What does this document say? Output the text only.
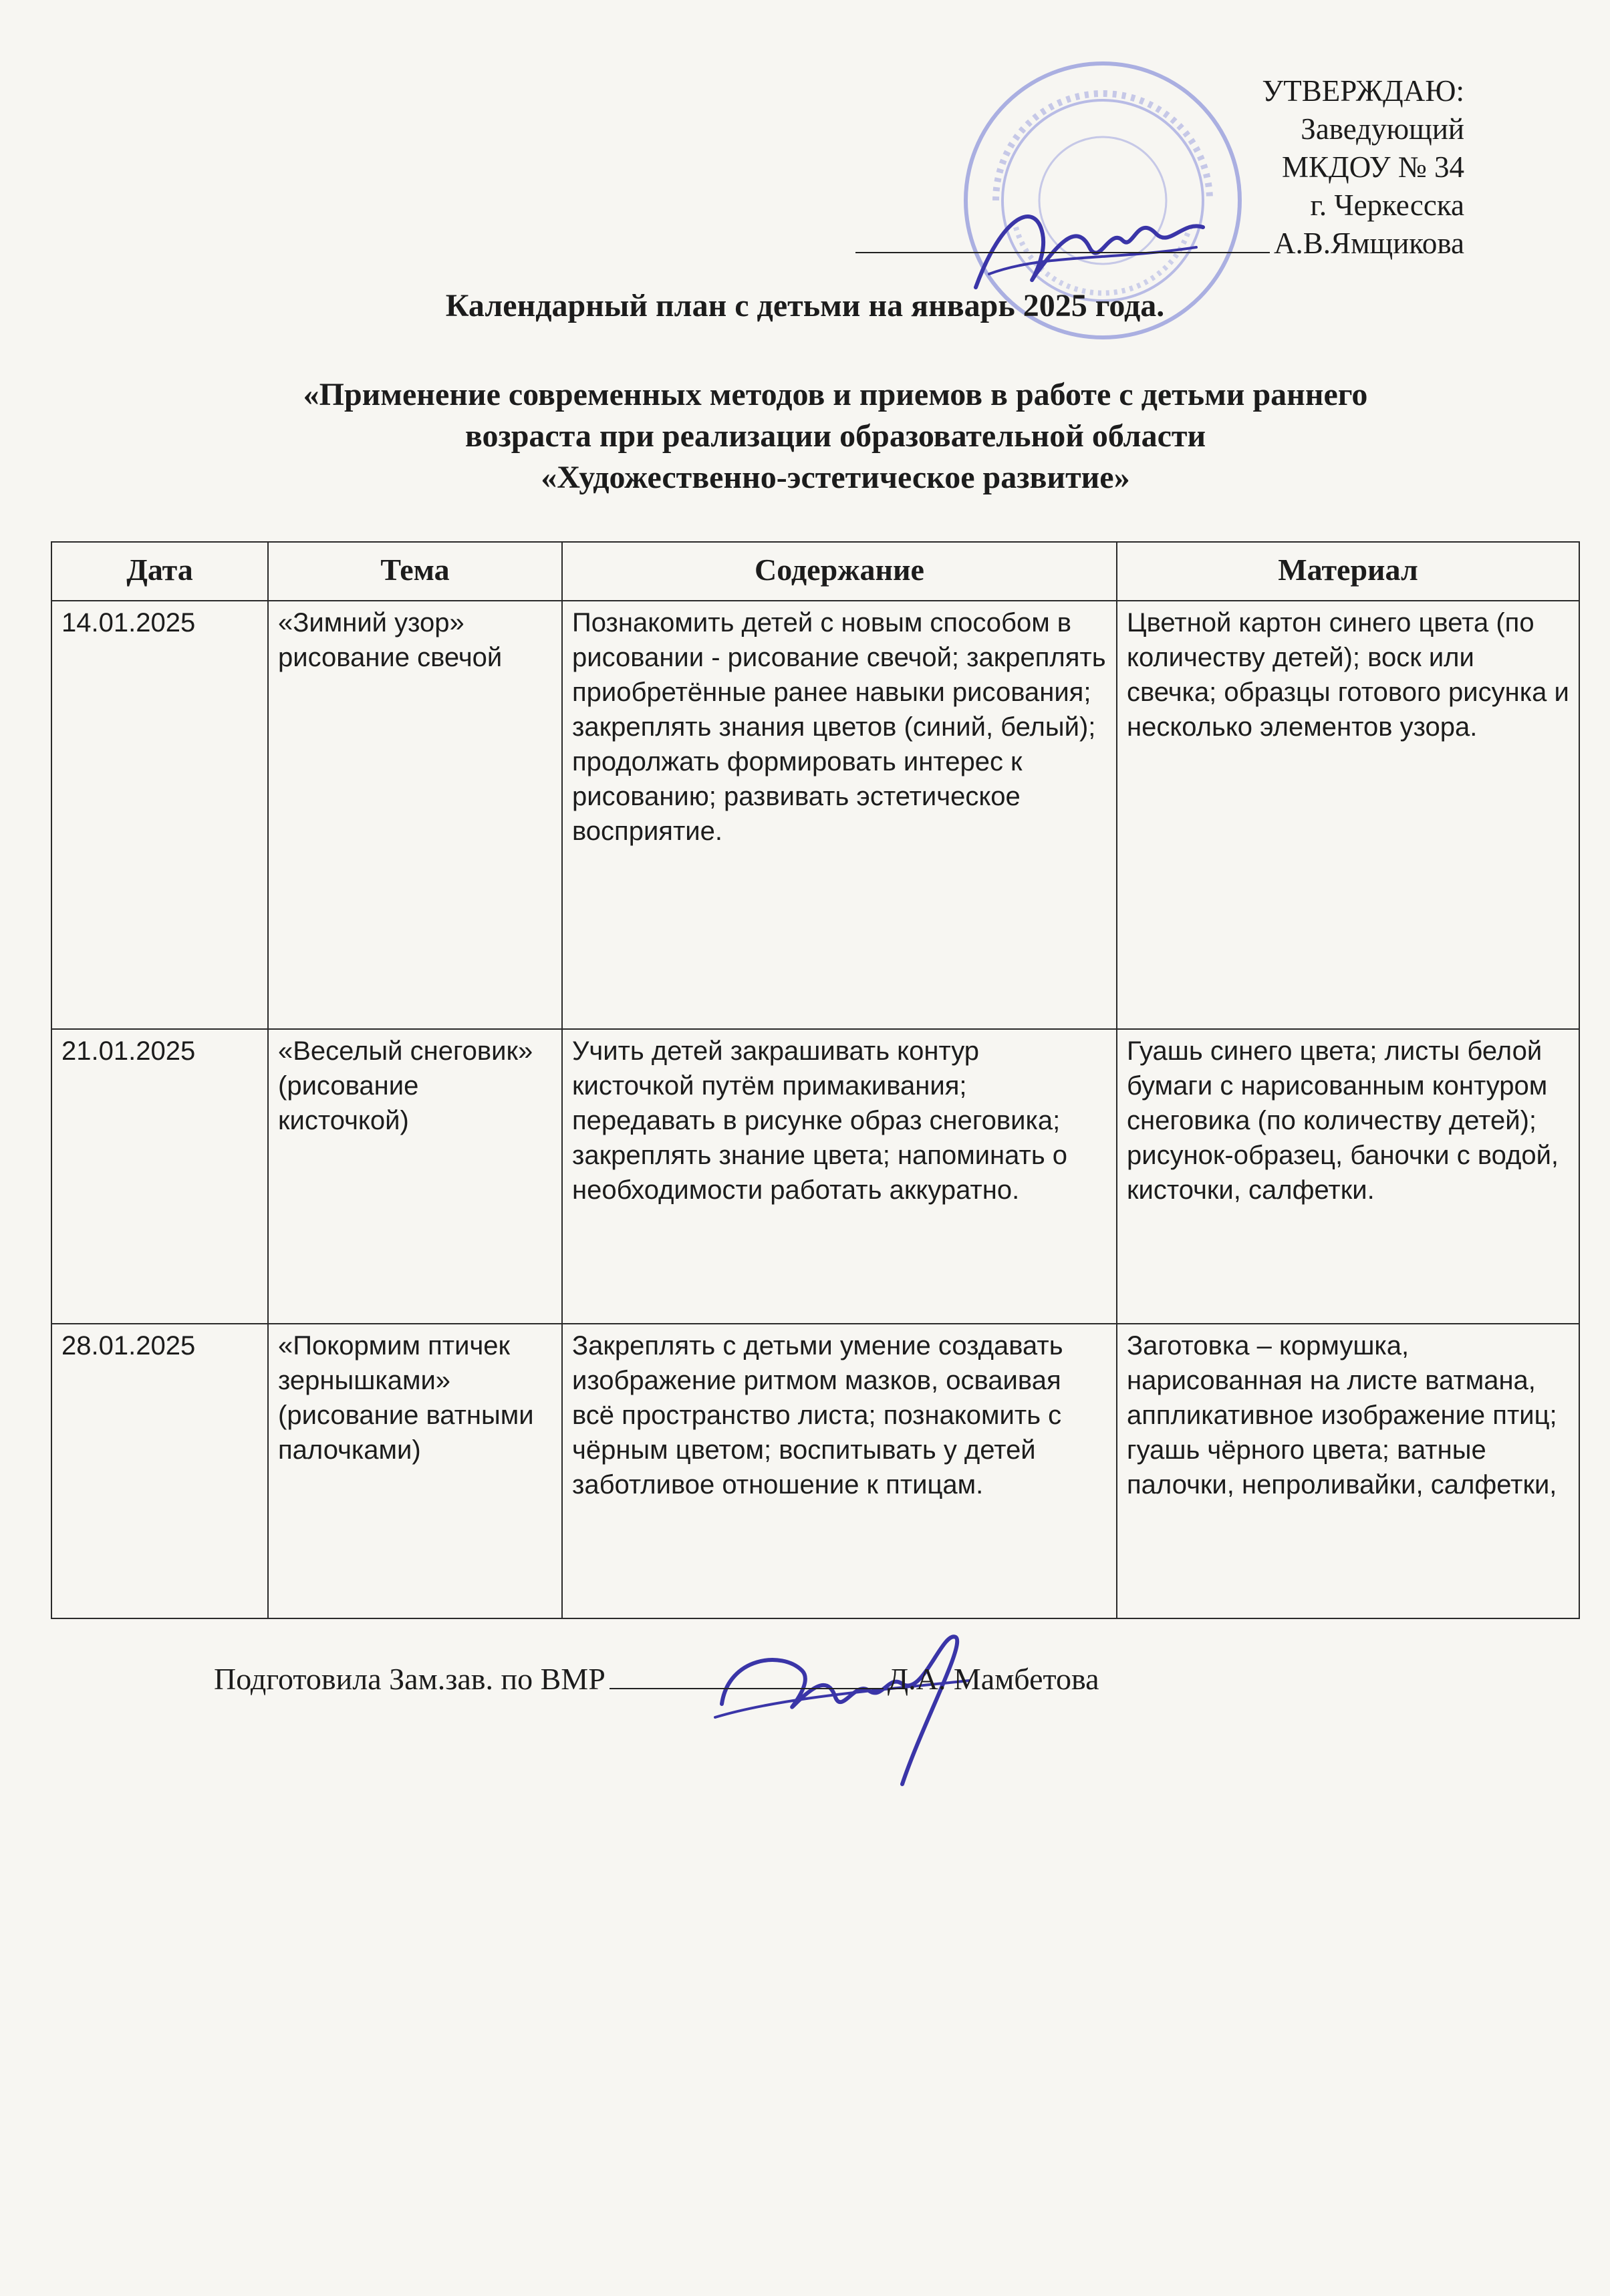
УТВЕРЖДАЮ:
Заведующий
МКДОУ № 34
г. Черкесска
А.В.Ямщикова
Календарный план с детьми на январь 2025 года.
«Применение современных методов и приемов в работе с детьми раннего
возраста при реализации образовательной области
«Художественно-эстетическое развитие»
Дата	Тема	Содержание	Материал
14.01.2025	«Зимний узор» рисование свечой	Познакомить детей с новым способом в рисовании - рисование свечой; закреплять приобретённые ранее навыки рисования; закреплять знания цветов (синий, белый); продолжать формировать интерес к рисованию; развивать эстетическое восприятие.	Цветной картон синего цвета (по количеству детей); воск или свечка; образцы готового рисунка и несколько элементов узора.
21.01.2025	«Веселый снеговик» (рисование кисточкой)	Учить детей закрашивать контур кисточкой путём примакивания; передавать в рисунке образ снеговика; закреплять знание цвета; напоминать о необходимости работать аккуратно.	Гуашь синего цвета; листы белой бумаги с нарисованным контуром снеговика (по количеству детей); рисунок-образец, баночки с водой, кисточки, салфетки.
28.01.2025	«Покормим птичек зернышками» (рисование ватными палочками)	Закреплять с детьми умение создавать изображение ритмом мазков, осваивая всё пространство листа; познакомить с чёрным цветом; воспитывать у детей заботливое отношение к птицам.	Заготовка – кормушка, нарисованная на листе ватмана, аппликативное изображение птиц; гуашь чёрного цвета; ватные палочки, непроливайки, салфетки,
Подготовила Зам.зав. по ВМР	Д.А. Мамбетова
